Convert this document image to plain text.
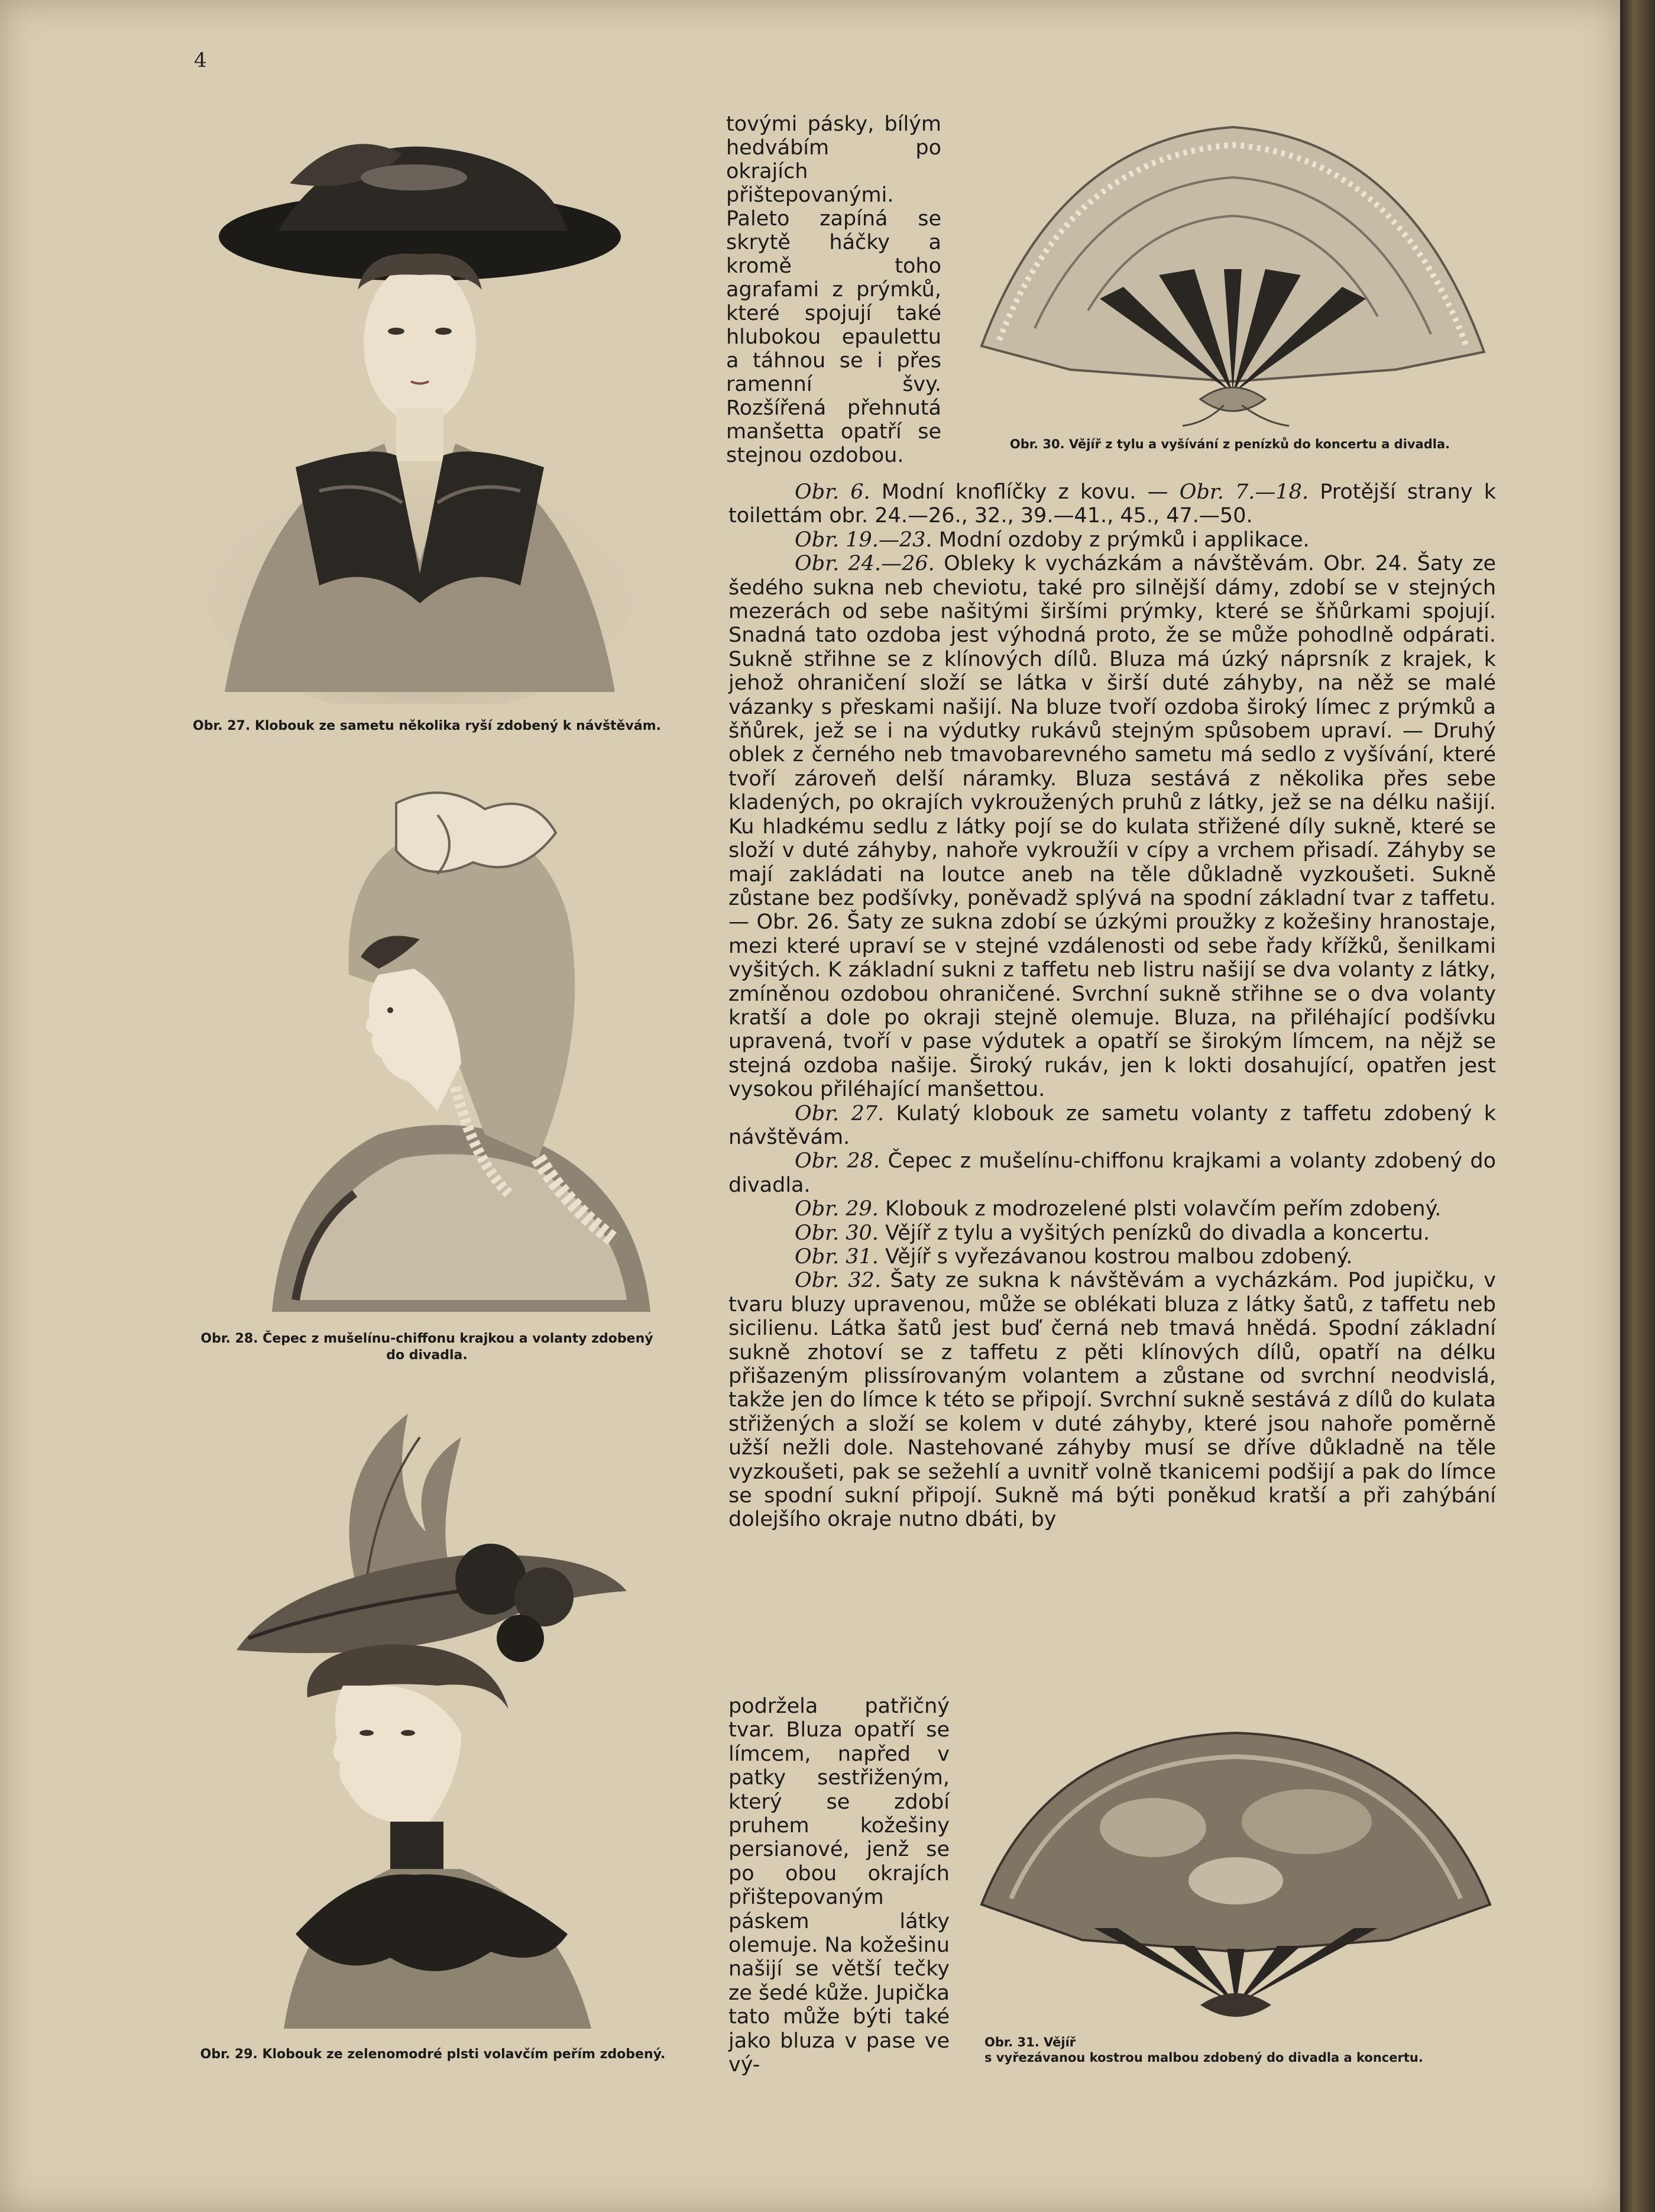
4
Obr. 27. Klobouk ze sametu několika ryší zdobený k návštěvám.
Obr. 28. Čepec z mušelínu-chiffonu krajkou a volanty zdobený
do divadla.
Obr. 29. Klobouk ze zelenomodré plsti volavčím peřím zdobený.
Obr. 30. Vějíř z tylu a vyšívání z penízků do koncertu a divadla.

tovými pásky, bílým hedvábím po okrajích přištepovanými. Paleto zapíná se skrytě háčky a kromě toho agrafami z prýmků, které spojují také hlubokou epaulettu a táhnou se i přes ramenní švy. Rozšířená přehnutá manšetta opatří se stejnou ozdobou.

Obr. 6. Modní knoflíčky z kovu. — Obr. 7.—18. Protější strany k toilettám obr. 24.—26., 32., 39.—41., 45., 47.—50.

Obr. 19.—23. Modní ozdoby z prýmků i applikace.

Obr. 24.—26. Obleky k vycházkám a návštěvám. Obr. 24. Šaty ze šedého sukna neb cheviotu, také pro silnější dámy, zdobí se v stejných mezerách od sebe našitými širšími prýmky, které se šňůrkami spojují. Snadná tato ozdoba jest výhodná proto, že se může pohodlně odpárati. Sukně střihne se z klínových dílů. Bluza má úzký náprsník z krajek, k jehož ohraničení složí se látka v širší duté záhyby, na něž se malé vázanky s přeskami našijí. Na bluze tvoří ozdoba široký límec z prýmků a šňůrek, jež se i na výdutky rukávů stejným spůsobem upraví. — Druhý oblek z černého neb tmavobarevného sametu má sedlo z vyšívání, které tvoří zároveň delší náramky. Bluza sestává z několika přes sebe kladených, po okrajích vykroužených pruhů z látky, jež se na délku našijí. Ku hladkému sedlu z látky pojí se do kulata střižené díly sukně, které se složí v duté záhyby, nahoře vykroužíi v cípy a vrchem přisadí. Záhyby se mají zakládati na loutce aneb na těle důkladně vyzkoušeti. Sukně zůstane bez podšívky, poněvadž splývá na spodní základní tvar z taffetu. — Obr. 26. Šaty ze sukna zdobí se úzkými proužky z kožešiny hranostaje, mezi které upraví se v stejné vzdálenosti od sebe řady křížků, šenilkami vyšitých. K základní sukni z taffetu neb listru našijí se dva volanty z látky, zmíněnou ozdobou ohraničené. Svrchní sukně střihne se o dva volanty kratší a dole po okraji stejně olemuje. Bluza, na přiléhající podšívku upravená, tvoří v pase výdutek a opatří se širokým límcem, na nějž se stejná ozdoba našije. Široký rukáv, jen k lokti dosahující, opatřen jest vysokou přiléhající manšettou.

Obr. 27. Kulatý klobouk ze sametu volanty z taffetu zdobený k návštěvám.

Obr. 28. Čepec z mušelínu-chiffonu krajkami a volanty zdobený do divadla.

Obr. 29. Klobouk z modrozelené plsti volavčím peřím zdobený.

Obr. 30. Vějíř z tylu a vyšitých penízků do divadla a koncertu.

Obr. 31. Vějíř s vyřezávanou kostrou malbou zdobený.

Obr. 32. Šaty ze sukna k návštěvám a vycházkám. Pod jupičku, v tvaru bluzy upravenou, může se oblékati bluza z látky šatů, z taffetu neb sicilienu. Látka šatů jest buď černá neb tmavá hnědá. Spodní základní sukně zhotoví se z taffetu z pěti klínových dílů, opatří na délku přišazeným plissírovaným volantem a zůstane od svrchní neodvislá, takže jen do límce k této se připojí. Svrchní sukně sestává z dílů do kulata střižených a složí se kolem v duté záhyby, které jsou nahoře poměrně užší nežli dole. Nastehované záhyby musí se dříve důkladně na těle vyzkoušeti, pak se sežehlí a uvnitř volně tkanicemi podšijí a pak do límce se spodní sukní připojí. Sukně má býti poněkud kratší a při zahýbání dolejšího okraje nutno dbáti, by

podržela patřičný tvar. Bluza opatří se límcem, napřed v patky sestřiženým, který se zdobí pruhem kožešiny persianové, jenž se po obou okrajích přištepovaným páskem látky olemuje. Na kožešinu našijí se větší tečky ze šedé kůže. Jupička tato může býti také jako bluza v pase ve vý-

Obr. 31. Vějíř
s vyřezávanou kostrou malbou zdobený do divadla a koncertu.
